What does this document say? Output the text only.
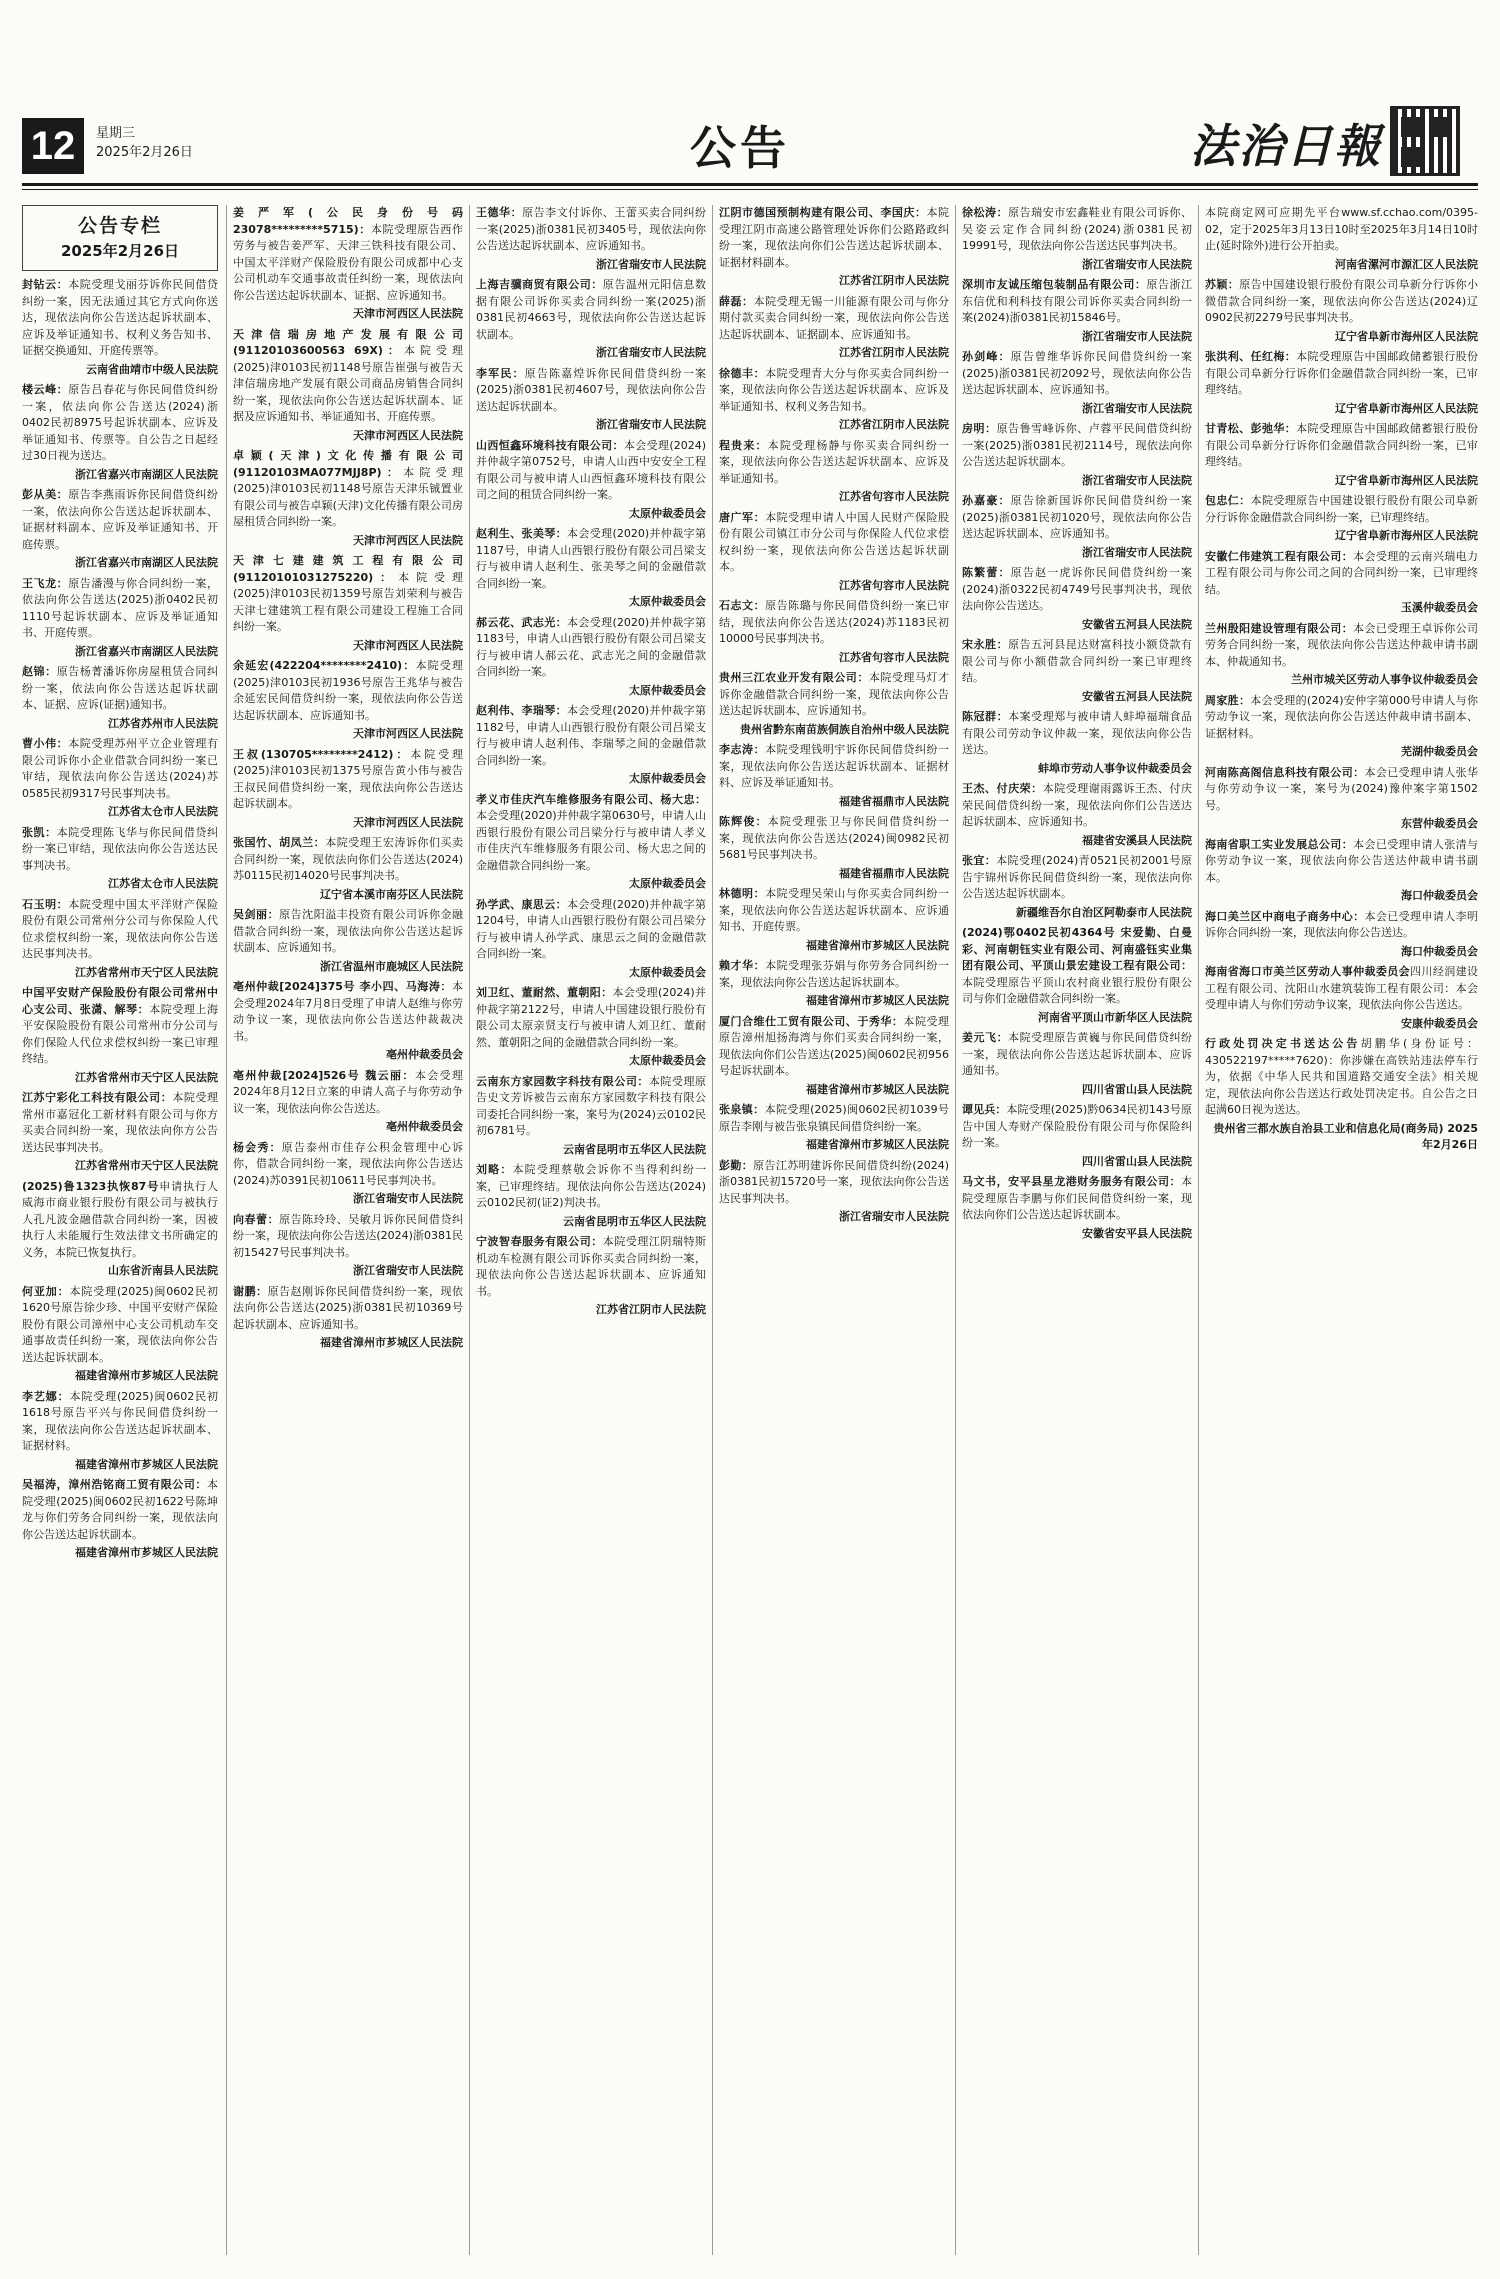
12	星期三
2025年2月26日	公告	法治日報
公告专栏
2025年2月26日

封钻云：本院受理戈丽芬诉你民间借贷纠纷一案，因无法通过其它方式向你送达，现依法向你公告送达起诉状副本、应诉及举证通知书、权利义务告知书、证据交换通知、开庭传票等。

云南省曲靖市中级人民法院

楼云峰：原告吕春花与你民间借贷纠纷一案，依法向你公告送达(2024)浙0402民初8975号起诉状副本、应诉及举证通知书、传票等。自公告之日起经过30日视为送达。

浙江省嘉兴市南湖区人民法院

彭从美：原告李燕雨诉你民间借贷纠纷一案，依法向你公告送达起诉状副本、证据材料副本、应诉及举证通知书、开庭传票。

浙江省嘉兴市南湖区人民法院

王飞龙：原告潘漫与你合同纠纷一案，依法向你公告送达(2025)浙0402民初1110号起诉状副本、应诉及举证通知书、开庭传票。

浙江省嘉兴市南湖区人民法院

赵锦：原告杨菁潘诉你房屋租赁合同纠纷一案，依法向你公告送达起诉状副本、证据、应诉(证据)通知书。

江苏省苏州市人民法院

曹小伟：本院受理苏州平立企业管理有限公司诉你小企业借款合同纠纷一案已审结，现依法向你公告送达(2024)苏0585民初9317号民事判决书。

江苏省太仓市人民法院

张凯：本院受理陈飞华与你民间借贷纠纷一案已审结，现依法向你公告送达民事判决书。

江苏省太仓市人民法院

石玉明：本院受理中国太平洋财产保险股份有限公司常州分公司与你保险人代位求偿权纠纷一案，现依法向你公告送达民事判决书。

江苏省常州市天宁区人民法院

中国平安财产保险股份有限公司常州中心支公司、张潇、解琴：本院受理上海平安保险股份有限公司常州市分公司与你们保险人代位求偿权纠纷一案已审理终结。

江苏省常州市天宁区人民法院

江苏宁彩化工科技有限公司：本院受理常州市嘉冠化工新材料有限公司与你方买卖合同纠纷一案，现依法向你方公告送达民事判决书。

江苏省常州市天宁区人民法院

(2025)鲁1323执恢87号申请执行人威海市商业银行股份有限公司与被执行人孔凡波金融借款合同纠纷一案，因被执行人未能履行生效法律文书所确定的义务，本院已恢复执行。

山东省沂南县人民法院

何亚加：本院受理(2025)闽0602民初1620号原告徐少珍、中国平安财产保险股份有限公司漳州中心支公司机动车交通事故责任纠纷一案，现依法向你公告送达起诉状副本。

福建省漳州市芗城区人民法院

李艺娜：本院受理(2025)闽0602民初1618号原告平兴与你民间借贷纠纷一案，现依法向你公告送达起诉状副本、证据材料。

福建省漳州市芗城区人民法院

吴福涛，漳州浩铭商工贸有限公司：本院受理(2025)闽0602民初1622号陈坤龙与你们劳务合同纠纷一案，现依法向你公告送达起诉状副本。

福建省漳州市芗城区人民法院

姜严军(公民身份号码23078*********5715)：本院受理原告西作劳务与被告姜严军、天津三铁科技有限公司、中国太平洋财产保险股份有限公司成都中心支公司机动车交通事故责任纠纷一案，现依法向你公告送达起诉状副本、证据、应诉通知书。

天津市河西区人民法院

天津信瑞房地产发展有限公司(91120103600563 69X)：本院受理(2025)津0103民初1148号原告崔强与被告天津信瑞房地产发展有限公司商品房销售合同纠纷一案，现依法向你公告送达起诉状副本、证据及应诉通知书、举证通知书、开庭传票。

天津市河西区人民法院

卓颖(天津)文化传播有限公司(91120103MA077MJJ8P)：本院受理(2025)津0103民初1148号原告天津乐铖置业有限公司与被告卓颖(天津)文化传播有限公司房屋租赁合同纠纷一案。

天津市河西区人民法院

天津七建建筑工程有限公司(91120101031275220)：本院受理(2025)津0103民初1359号原告刘荣利与被告天津七建建筑工程有限公司建设工程施工合同纠纷一案。

天津市河西区人民法院

余延宏(422204********2410)：本院受理(2025)津0103民初1936号原告王兆华与被告余延宏民间借贷纠纷一案，现依法向你公告送达起诉状副本、应诉通知书。

天津市河西区人民法院

王叔(130705********2412)：本院受理(2025)津0103民初1375号原告黄小伟与被告王叔民间借贷纠纷一案，现依法向你公告送达起诉状副本。

天津市河西区人民法院

张国竹、胡凤兰：本院受理王宏涛诉你们买卖合同纠纷一案，现依法向你们公告送达(2024)苏0115民初14020号民事判决书。

辽宁省本溪市南芬区人民法院

吴剑丽：原告沈阳溢丰投资有限公司诉你金融借款合同纠纷一案，现依法向你公告送达起诉状副本、应诉通知书。

浙江省温州市鹿城区人民法院

亳州仲裁[2024]375号 李小四、马海涛：本会受理2024年7月8日受理了申请人赵维与你劳动争议一案，现依法向你公告送达仲裁裁决书。

亳州仲裁委员会

亳州仲裁[2024]526号 魏云丽：本会受理2024年8月12日立案的申请人高子与你劳动争议一案，现依法向你公告送达。

亳州仲裁委员会

杨会秀：原告泰州市佳存公积金管理中心诉你，借款合同纠纷一案，现依法向你公告送达(2024)苏0391民初10611号民事判决书。

浙江省瑞安市人民法院

向春蕾：原告陈玲玲、吴敏月诉你民间借贷纠纷一案，现依法向你公告送达(2024)浙0381民初15427号民事判决书。

浙江省瑞安市人民法院

谢鹏：原告赵刚诉你民间借贷纠纷一案，现依法向你公告送达(2025)浙0381民初10369号起诉状副本、应诉通知书。

福建省漳州市芗城区人民法院

王德华：原告李文付诉你、王蕾买卖合同纠纷一案(2025)浙0381民初3405号，现依法向你公告送达起诉状副本、应诉通知书。

浙江省瑞安市人民法院

上海吉骥商贸有限公司：原告温州元阳信息数据有限公司诉你买卖合同纠纷一案(2025)浙0381民初4663号，现依法向你公告送达起诉状副本。

浙江省瑞安市人民法院

李军民：原告陈嘉煌诉你民间借贷纠纷一案(2025)浙0381民初4607号，现依法向你公告送达起诉状副本。

浙江省瑞安市人民法院

山西恒鑫环境科技有限公司：本会受理(2024)并仲裁字第0752号，申请人山西中安安全工程有限公司与被申请人山西恒鑫环境科技有限公司之间的租赁合同纠纷一案。

太原仲裁委员会

赵利生、张美琴：本会受理(2020)并仲裁字第1187号，申请人山西银行股份有限公司吕梁支行与被申请人赵利生、张美琴之间的金融借款合同纠纷一案。

太原仲裁委员会

郝云花、武志光：本会受理(2020)并仲裁字第1183号，申请人山西银行股份有限公司吕梁支行与被申请人郝云花、武志光之间的金融借款合同纠纷一案。

太原仲裁委员会

赵利伟、李瑞琴：本会受理(2020)并仲裁字第1182号，申请人山西银行股份有限公司吕梁支行与被申请人赵利伟、李瑞琴之间的金融借款合同纠纷一案。

太原仲裁委员会

孝义市佳庆汽车维修服务有限公司、杨大忠：本会受理(2020)并仲裁字第0630号，申请人山西银行股份有限公司吕梁分行与被申请人孝义市佳庆汽车维修服务有限公司、杨大忠之间的金融借款合同纠纷一案。

太原仲裁委员会

孙学武、康思云：本会受理(2020)并仲裁字第1204号，申请人山西银行股份有限公司吕梁分行与被申请人孙学武、康思云之间的金融借款合同纠纷一案。

太原仲裁委员会

刘卫红、董耐然、董朝阳：本会受理(2024)并仲裁字第2122号，申请人中国建设银行股份有限公司太原亲贤支行与被申请人刘卫红、董耐然、董朝阳之间的金融借款合同纠纷一案。

太原仲裁委员会

云南东方家园数字科技有限公司：本院受理原告史文芳诉被告云南东方家园数字科技有限公司委托合同纠纷一案，案号为(2024)云0102民初6781号。

云南省昆明市五华区人民法院

刘略：本院受理蔡敬会诉你不当得利纠纷一案，已审理终结。现依法向你公告送达(2024)云0102民初(证2)判决书。

云南省昆明市五华区人民法院

宁波智春服务有限公司：本院受理江阴瑞特斯机动车检测有限公司诉你买卖合同纠纷一案，现依法向你公告送达起诉状副本、应诉通知书。

江苏省江阴市人民法院

江阴市德国预制构建有限公司、李国庆：本院受理江阴市高速公路管理处诉你们公路路政纠纷一案，现依法向你们公告送达起诉状副本、证据材料副本。

江苏省江阴市人民法院

薛磊：本院受理无锡一川能源有限公司与你分期付款买卖合同纠纷一案，现依法向你公告送达起诉状副本、证据副本、应诉通知书。

江苏省江阴市人民法院

徐德丰：本院受理青大分与你买卖合同纠纷一案，现依法向你公告送达起诉状副本、应诉及举证通知书、权利义务告知书。

江苏省江阴市人民法院

程贵来：本院受理杨静与你买卖合同纠纷一案，现依法向你公告送达起诉状副本、应诉及举证通知书。

江苏省句容市人民法院

唐广军：本院受理申请人中国人民财产保险股份有限公司镇江市分公司与你保险人代位求偿权纠纷一案，现依法向你公告送达起诉状副本。

江苏省句容市人民法院

石志文：原告陈璐与你民间借贷纠纷一案已审结，现依法向你公告送达(2024)苏1183民初10000号民事判决书。

江苏省句容市人民法院

贵州三江农业开发有限公司：本院受理马灯才诉你金融借款合同纠纷一案，现依法向你公告送达起诉状副本、应诉通知书。

贵州省黔东南苗族侗族自治州中级人民法院

李志涛：本院受理钱明宇诉你民间借贷纠纷一案，现依法向你公告送达起诉状副本、证据材料、应诉及举证通知书。

福建省福鼎市人民法院

陈辉俊：本院受理张卫与你民间借贷纠纷一案，现依法向你公告送达(2024)闽0982民初5681号民事判决书。

福建省福鼎市人民法院

林德明：本院受理吴荣山与你买卖合同纠纷一案，现依法向你公告送达起诉状副本、应诉通知书、开庭传票。

福建省漳州市芗城区人民法院

赖才华：本院受理张芬娟与你劳务合同纠纷一案，现依法向你公告送达起诉状副本。

福建省漳州市芗城区人民法院

厦门合维仕工贸有限公司、于秀华：本院受理原告漳州旭扬海湾与你们买卖合同纠纷一案，现依法向你们公告送达(2025)闽0602民初956号起诉状副本。

福建省漳州市芗城区人民法院

张泉镇：本院受理(2025)闽0602民初1039号原告李刚与被告张泉镇民间借贷纠纷一案。

福建省漳州市芗城区人民法院

彭勤：原告江苏明建诉你民间借贷纠纷(2024)浙0381民初15720号一案，现依法向你公告送达民事判决书。

浙江省瑞安市人民法院

徐松涛：原告瑞安市宏鑫鞋业有限公司诉你、吴姿云定作合同纠纷(2024)浙0381民初19991号，现依法向你公告送达民事判决书。

浙江省瑞安市人民法院

深圳市友诚压缩包装制品有限公司：原告浙江东信优和利科技有限公司诉你买卖合同纠纷一案(2024)浙0381民初15846号。

浙江省瑞安市人民法院

孙剑峰：原告曾维华诉你民间借贷纠纷一案(2025)浙0381民初2092号，现依法向你公告送达起诉状副本、应诉通知书。

浙江省瑞安市人民法院

房明：原告鲁雪峰诉你、卢蓉平民间借贷纠纷一案(2025)浙0381民初2114号，现依法向你公告送达起诉状副本。

浙江省瑞安市人民法院

孙嘉豪：原告徐新国诉你民间借贷纠纷一案(2025)浙0381民初1020号，现依法向你公告送达起诉状副本、应诉通知书。

浙江省瑞安市人民法院

陈繁蕾：原告赵一虎诉你民间借贷纠纷一案(2024)浙0322民初4749号民事判决书，现依法向你公告送达。

安徽省五河县人民法院

宋永胜：原告五河县昆达财富科技小额贷款有限公司与你小额借款合同纠纷一案已审理终结。

安徽省五河县人民法院

陈冠群：本案受理郑与被申请人蚌埠福瑞食品有限公司劳动争议仲裁一案，现依法向你公告送达。

蚌埠市劳动人事争议仲裁委员会

王杰、付庆荣：本院受理谢雨露诉王杰、付庆荣民间借贷纠纷一案，现依法向你们公告送达起诉状副本、应诉通知书。

福建省安溪县人民法院

张宜：本院受理(2024)青0521民初2001号原告宇锦州诉你民间借贷纠纷一案，现依法向你公告送达起诉状副本。

新疆维吾尔自治区阿勒泰市人民法院

(2024)鄂0402民初4364号 宋爱勤、白曼彩、河南朝钰实业有限公司、河南盛钰实业集团有限公司、平顶山景宏建设工程有限公司：本院受理原告平顶山农村商业银行股份有限公司与你们金融借款合同纠纷一案。

河南省平顶山市新华区人民法院

姜元飞：本院受理原告黄巍与你民间借贷纠纷一案，现依法向你公告送达起诉状副本、应诉通知书。

四川省雷山县人民法院

谭见兵：本院受理(2025)黔0634民初143号原告中国人寿财产保险股份有限公司与你保险纠纷一案。

四川省雷山县人民法院

马文书，安平县星龙港财务服务有限公司：本院受理原告李鹏与你们民间借贷纠纷一案，现依法向你们公告送达起诉状副本。

安徽省安平县人民法院

本院商定网可应期先平台www.sf.cchao.com/0395-02，定于2025年3月13日10时至2025年3月14日10时止(延时除外)进行公开拍卖。

河南省漯河市源汇区人民法院

苏颖：原告中国建设银行股份有限公司阜新分行诉你小微借款合同纠纷一案，现依法向你公告送达(2024)辽0902民初2279号民事判决书。

辽宁省阜新市海州区人民法院

张洪利、任红梅：本院受理原告中国邮政储蓄银行股份有限公司阜新分行诉你们金融借款合同纠纷一案，已审理终结。

辽宁省阜新市海州区人民法院

甘青松、彭弛华：本院受理原告中国邮政储蓄银行股份有限公司阜新分行诉你们金融借款合同纠纷一案，已审理终结。

辽宁省阜新市海州区人民法院

包忠仁：本院受理原告中国建设银行股份有限公司阜新分行诉你金融借款合同纠纷一案，已审理终结。

辽宁省阜新市海州区人民法院

安徽仁伟建筑工程有限公司：本会受理的云南兴瑞电力工程有限公司与你公司之间的合同纠纷一案，已审理终结。

玉溪仲裁委员会

兰州殷阳建设管理有限公司：本会已受理王卓诉你公司劳务合同纠纷一案，现依法向你公告送达仲裁申请书副本、仲裁通知书。

兰州市城关区劳动人事争议仲裁委员会

周家胜：本会受理的(2024)安仲字第000号申请人与你劳动争议一案，现依法向你公告送达仲裁申请书副本、证据材料。

芜湖仲裁委员会

河南陈高阁信息科技有限公司：本会已受理申请人张华与你劳动争议一案，案号为(2024)豫仲案字第1502号。

东营仲裁委员会

海南省职工实业发展总公司：本会已受理申请人张清与你劳动争议一案，现依法向你公告送达仲裁申请书副本。

海口仲裁委员会

海口美兰区中商电子商务中心：本会已受理申请人李明诉你合同纠纷一案，现依法向你公告送达。

海口仲裁委员会

海南省海口市美兰区劳动人事仲裁委员会四川经润建设工程有限公司、沈阳山水建筑装饰工程有限公司：本会受理申请人与你们劳动争议案，现依法向你公告送达。

安康仲裁委员会

行政处罚决定书送达公告胡鹏华(身份证号：430522197*****7620)：你涉嫌在高铁站违法停车行为，依据《中华人民共和国道路交通安全法》相关规定，现依法向你公告送达行政处罚决定书。自公告之日起满60日视为送达。

贵州省三都水族自治县工业和信息化局(商务局) 2025年2月26日
